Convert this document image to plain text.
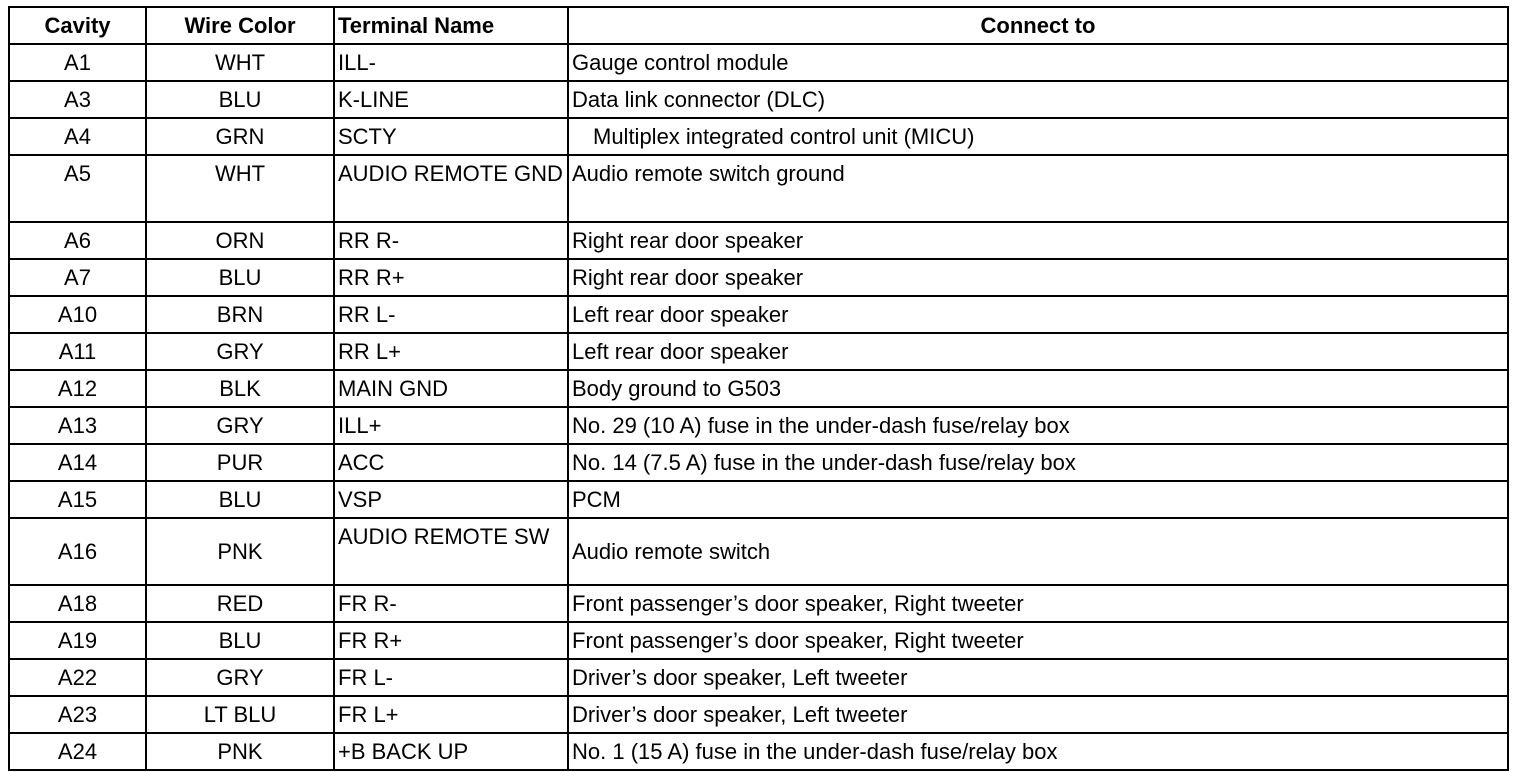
Cavity	Wire Color	Terminal Name	Connect to
A1	WHT	ILL-	Gauge control module
A3	BLU	K-LINE	Data link connector (DLC)
A4	GRN	SCTY	Multiplex integrated control unit (MICU)
A5	WHT	AUDIO REMOTE GND	Audio remote switch ground
A6	ORN	RR R-	Right rear door speaker
A7	BLU	RR R+	Right rear door speaker
A10	BRN	RR L-	Left rear door speaker
A11	GRY	RR L+	Left rear door speaker
A12	BLK	MAIN GND	Body ground to G503
A13	GRY	ILL+	No. 29 (10 A) fuse in the under-dash fuse/relay box
A14	PUR	ACC	No. 14 (7.5 A) fuse in the under-dash fuse/relay box
A15	BLU	VSP	PCM
A16	PNK	AUDIO REMOTE SW	Audio remote switch
A18	RED	FR R-	Front passenger’s door speaker, Right tweeter
A19	BLU	FR R+	Front passenger’s door speaker, Right tweeter
A22	GRY	FR L-	Driver’s door speaker, Left tweeter
A23	LT BLU	FR L+	Driver’s door speaker, Left tweeter
A24	PNK	+B BACK UP	No. 1 (15 A) fuse in the under-dash fuse/relay box
